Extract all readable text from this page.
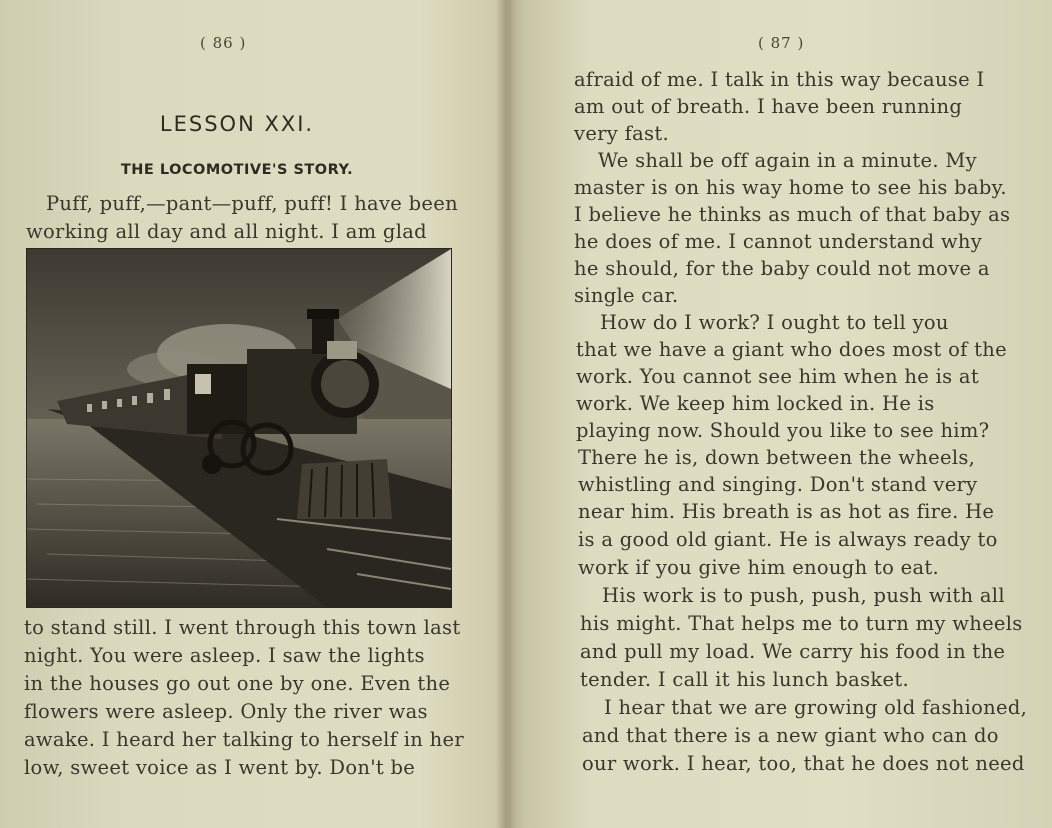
( 86 )
LESSON XXI.
THE LOCOMOTIVE'S STORY.
Puff, puff,—pant—puff, puff! I have been
working all day and all night. I am glad
to stand still. I went through this town last
night. You were asleep. I saw the lights
in the houses go out one by one. Even the
flowers were asleep. Only the river was
awake. I heard her talking to herself in her
low, sweet voice as I went by. Don't be
( 87 )
afraid of me. I talk in this way because I
am out of breath. I have been running
very fast.
We shall be off again in a minute. My
master is on his way home to see his baby.
I believe he thinks as much of that baby as
he does of me. I cannot understand why
he should, for the baby could not move a
single car.
How do I work? I ought to tell you
that we have a giant who does most of the
work. You cannot see him when he is at
work. We keep him locked in. He is
playing now. Should you like to see him?
There he is, down between the wheels,
whistling and singing. Don't stand very
near him. His breath is as hot as fire. He
is a good old giant. He is always ready to
work if you give him enough to eat.
His work is to push, push, push with all
his might. That helps me to turn my wheels
and pull my load. We carry his food in the
tender. I call it his lunch basket.
I hear that we are growing old fashioned,
and that there is a new giant who can do
our work. I hear, too, that he does not need
